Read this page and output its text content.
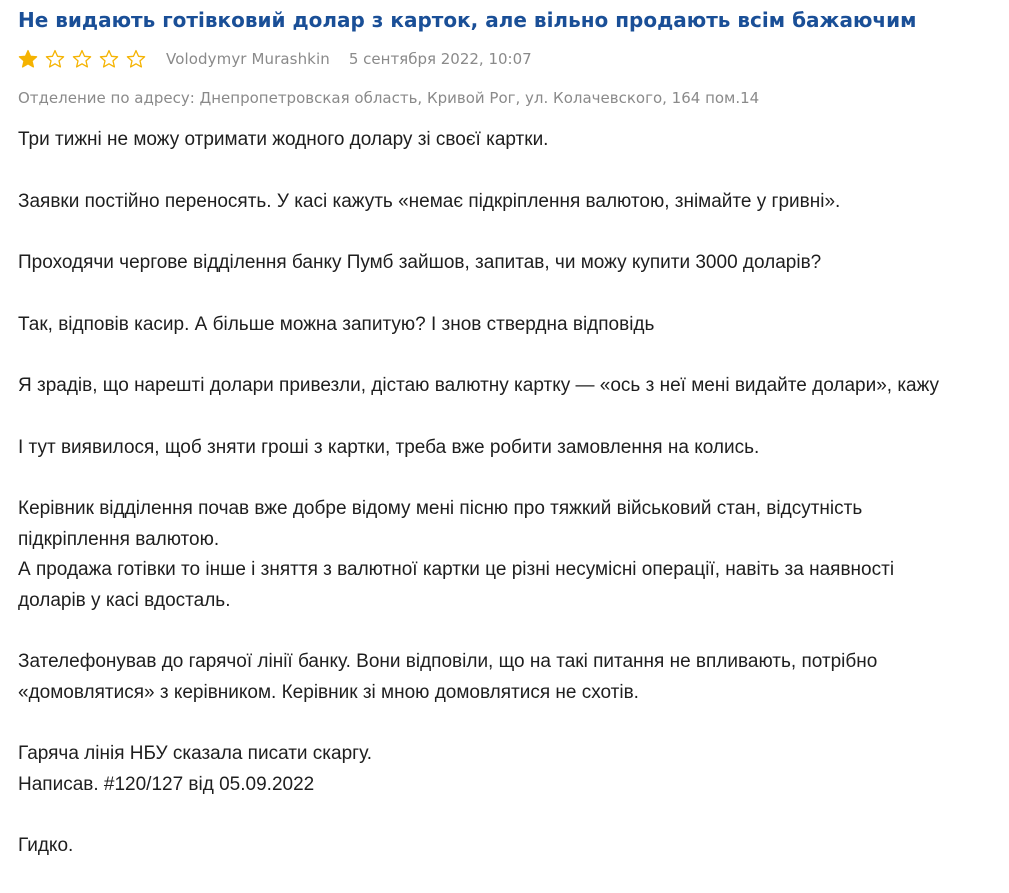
Не видають готівковий долар з карток, але вільно продають всім бажаючим
Volodymyr Murashkin 5 сентября 2022, 10:07
Отделение по адресу: Днепропетровская область, Кривой Рог, ул. Колачевского, 164 пом.14
Три тижні не можу отримати жодного долару зі своєї картки.
Заявки постійно переносять. У касі кажуть «немає підкріплення валютою, знімайте у гривні».
Проходячи чергове відділення банку Пумб зайшов, запитав, чи можу купити 3000 доларів?
Так, відповів касир. А більше можна запитую? І знов ствердна відповідь
Я зрадів, що нарешті долари привезли, дістаю валютну картку — «ось з неї мені видайте долари», кажу
І тут виявилося, щоб зняти гроші з картки, треба вже робити замовлення на колись.
Керівник відділення почав вже добре відому мені пісню про тяжкий військовий стан, відсутність
підкріплення валютою.
А продажа готівки то інше і зняття з валютної картки це різні несумісні операції, навіть за наявності
доларів у касі вдосталь.
Зателефонував до гарячої лінії банку. Вони відповіли, що на такі питання не впливають, потрібно
«домовлятися» з керівником. Керівник зі мною домовлятися не схотів.
Гаряча лінія НБУ сказала писати скаргу.
Написав. #120/127 від 05.09.2022
Гидко.
